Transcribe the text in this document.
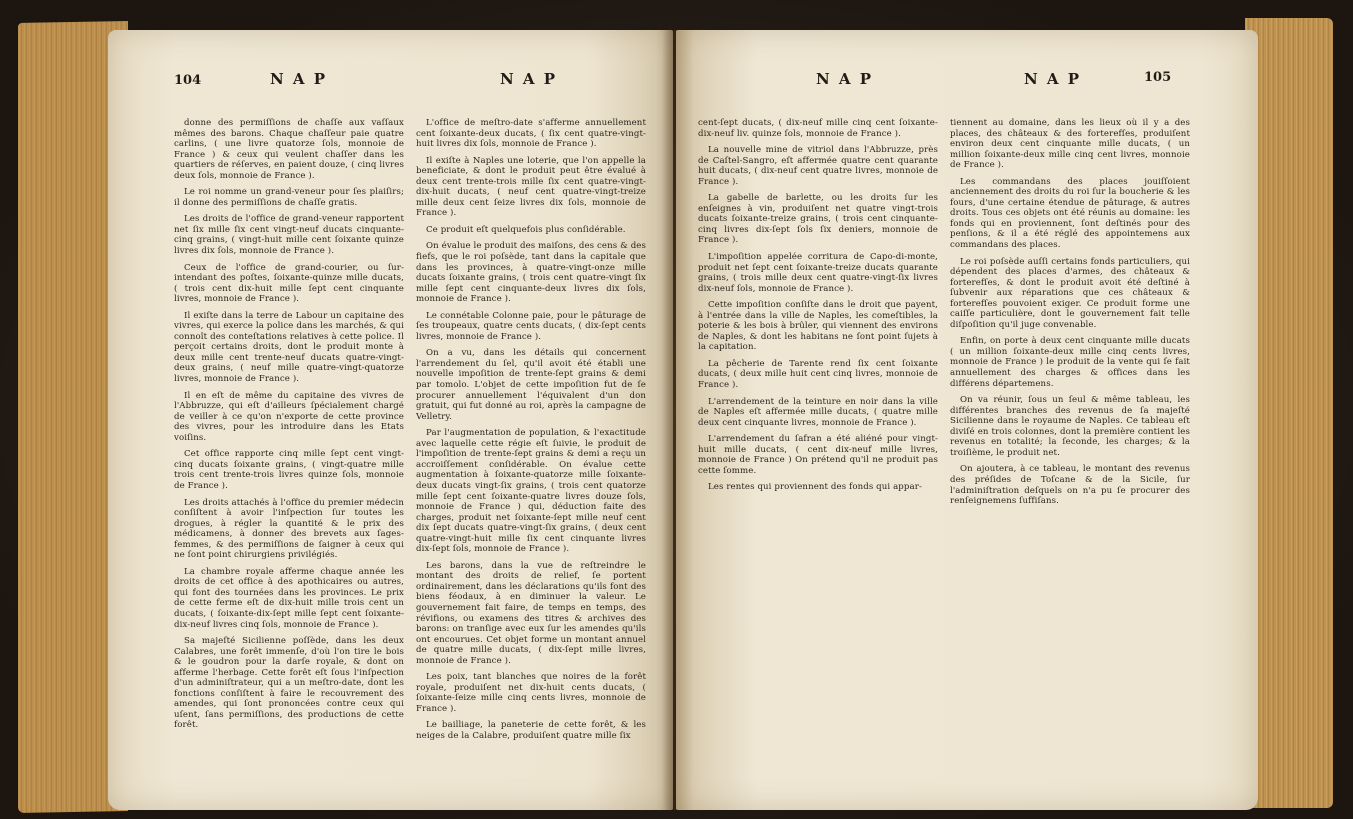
104	N A P	N A P

donne des permiſſions de chaſſe aux vaſſaux mêmes des barons. Chaque chaſſeur paie quatre carlins, ( une livre quatorze ſols, monnoie de France ) & ceux qui veulent chaſſer dans les quartiers de réſerves, en paient douze, ( cinq livres deux ſols, monnoie de France ).

Le roi nomme un grand-veneur pour ſes plaiſirs; il donne des permiſſions de chaſſe gratis.

Les droits de l'office de grand-veneur rapportent net ſix mille ſix cent vingt-neuf ducats cinquante-cinq grains, ( vingt-huit mille cent ſoixante quinze livres dix ſols, monnoie de France ).

Ceux de l'office de grand-courier, ou ſur-intendant des poſtes, ſoixante-quinze mille ducats, ( trois cent dix-huit mille ſept cent cinquante livres, monnoie de France ).

Il exiſte dans la terre de Labour un capitaine des vivres, qui exerce la police dans les marchés, & qui connoît des conteſtations relatives à cette police. Il perçoit certains droits, dont le produit monte à deux mille cent trente-neuf ducats quatre-vingt-deux grains, ( neuf mille quatre-vingt-quatorze livres, monnoie de France ).

Il en eſt de même du capitaine des vivres de l'Abbruzze, qui eſt d'ailleurs ſpécialement chargé de veiller à ce qu'on n'exporte de cette province des vivres, pour les introduire dans les Etats voiſins.

Cet office rapporte cinq mille ſept cent vingt-cinq ducats ſoixante grains, ( vingt-quatre mille trois cent trente-trois livres quinze ſols, monnoie de France ).

Les droits attachés à l'office du premier médecin conſiſtent à avoir l'inſpection ſur toutes les drogues, à régler la quantité & le prix des médicamens, à donner des brevets aux ſages-femmes, & des permiſſions de ſaigner à ceux qui ne ſont point chirurgiens privilégiés.

La chambre royale afferme chaque année les droits de cet office à des apothicaires ou autres, qui font des tournées dans les provinces. Le prix de cette ferme eſt de dix-huit mille trois cent un ducats, ( ſoixante-dix-ſept mille ſept cent ſoixante-dix-neuf livres cinq ſols, monnoie de France ).

Sa majeſté Sicilienne poſſède, dans les deux Calabres, une forêt immenſe, d'où l'on tire le bois & le goudron pour la darſe royale, & dont on afferme l'herbage. Cette forêt eſt ſous l'inſpection d'un adminiſtrateur, qui a un meſtro-date, dont les fonctions conſiſtent à faire le recouvrement des amendes, qui ſont prononcées contre ceux qui uſent, ſans permiſſions, des productions de cette forêt.

L'office de meſtro-date s'afferme annuellement cent ſoixante-deux ducats, ( ſix cent quatre-vingt-huit livres dix ſols, monnoie de France ).

Il exiſte à Naples une loterie, que l'on appelle la beneficiate, & dont le produit peut être évalué à deux cent trente-trois mille ſix cent quatre-vingt-dix-huit ducats, ( neuf cent quatre-vingt-treize mille deux cent ſeize livres dix ſols, monnoie de France ).

Ce produit eſt quelquefois plus conſidérable.

On évalue le produit des maiſons, des cens & des fiefs, que le roi poſsède, tant dans la capitale que dans les provinces, à quatre-vingt-onze mille ducats ſoixante grains, ( trois cent quatre-vingt ſix mille ſept cent cinquante-deux livres dix ſols, monnoie de France ).

Le connétable Colonne paie, pour le pâturage de ſes troupeaux, quatre cents ducats, ( dix-ſept cents livres, monnoie de France ).

On a vu, dans les détails qui concernent l'arrendement du ſel, qu'il avoit été établi une nouvelle impoſition de trente-ſept grains & demi par tomolo. L'objet de cette impoſition fut de ſe procurer annuellement l'équivalent d'un don gratuit, qui fut donné au roi, après la campagne de Velletry.

Par l'augmentation de population, & l'exactitude avec laquelle cette régie eſt ſuivie, le produit de l'impoſition de trente-ſept grains & demi a reçu un accroiſſement conſidérable. On évalue cette augmentation à ſoixante-quatorze mille ſoixante-deux ducats vingt-ſix grains, ( trois cent quatorze mille ſept cent ſoixante-quatre livres douze ſols, monnoie de France ) qui, déduction faite des charges, produit net ſoixante-ſept mille neuf cent dix ſept ducats quatre-vingt-ſix grains, ( deux cent quatre-vingt-huit mille ſix cent cinquante livres dix-ſept ſols, monnoie de France ).

Les barons, dans la vue de reſtreindre le montant des droits de relief, ſe portent ordinairement, dans les déclarations qu'ils font des biens féodaux, à en diminuer la valeur. Le gouvernement fait faire, de temps en temps, des révifions, ou examens des titres & archives des barons: on tranſige avec eux ſur les amendes qu'ils ont encourues. Cet objet forme un montant annuel de quatre mille ducats, ( dix-ſept mille livres, monnoie de France ).

Les poix, tant blanches que noires de la forêt royale, produiſent net dix-huit cents ducats, ( ſoixante-ſeize mille cinq cents livres, monnoie de France ).

Le bailliage, la paneterie de cette forêt, & les neiges de la Calabre, produiſent quatre mille ſix

N A P	N A P	105

cent-ſept ducats, ( dix-neuf mille cinq cent ſoixante-dix-neuf liv. quinze ſols, monnoie de France ).

La nouvelle mine de vitriol dans l'Abbruzze, près de Caſtel-Sangro, eſt affermée quatre cent quarante huit ducats, ( dix-neuf cent quatre livres, monnoie de France ).

La gabelle de barlette, ou les droits ſur les enſeignes à vin, produiſent net quatre vingt-trois ducats ſoixante-treize grains, ( trois cent cinquante-cinq livres dix-ſept ſols ſix deniers, monnoie de France ).

L'impoſition appelée corritura de Capo-di-monte, produit net ſept cent ſoixante-treize ducats quarante grains, ( trois mille deux cent quatre-vingt-ſix livres dix-neuf ſols, monnoie de France ).

Cette impoſition conſiſte dans le droit que payent, à l'entrée dans la ville de Naples, les comeſtibles, la poterie & les bois à brûler, qui viennent des environs de Naples, & dont les habitans ne ſont point ſujets à la capitation.

La pêcherie de Tarente rend ſix cent ſoixante ducats, ( deux mille huit cent cinq livres, monnoie de France ).

L'arrendement de la teinture en noir dans la ville de Naples eſt affermée mille ducats, ( quatre mille deux cent cinquante livres, monnoie de France ).

L'arrendement du ſafran a été aliéné pour vingt-huit mille ducats, ( cent dix-neuf mille livres, monnoie de France ) On prétend qu'il ne produit pas cette ſomme.

Les rentes qui proviennent des fonds qui appar-

tiennent au domaine, dans les lieux où il y a des places, des châteaux & des forterefſes, produiſent environ deux cent cinquante mille ducats, ( un million ſoixante-deux mille cinq cent livres, monnoie de France ).

Les commandans des places jouiſſoient anciennement des droits du roi ſur la boucherie & les fours, d'une certaine étendue de pâturage, & autres droits. Tous ces objets ont été réunis au domaine: les fonds qui en proviennent, ſont deſtinés pour des penſions, & il a été réglé des appointemens aux commandans des places.

Le roi poſsède auſſi certains fonds particuliers, qui dépendent des places d'armes, des châteaux & forterefſes, & dont le produit avoit été deſtiné à ſubvenir aux réparations que ces châteaux & forterefſes pouvoient exiger. Ce produit forme une caiſſe particulière, dont le gouvernement fait telle diſpoſition qu'il juge convenable.

Enfin, on porte à deux cent cinquante mille ducats ( un million ſoixante-deux mille cinq cents livres, monnoie de France ) le produit de la vente qui ſe fait annuellement des charges & offices dans les différens départemens.

On va réunir, ſous un ſeul & même tableau, les différentes branches des revenus de ſa majeſté Sicilienne dans le royaume de Naples. Ce tableau eſt diviſé en trois colonnes, dont la première contient les revenus en totalité; la ſeconde, les charges; & la troiſième, le produit net.

On ajoutera, à ce tableau, le montant des revenus des préſides de Toſcane & de la Sicile, ſur l'adminiſtration deſquels on n'a pu ſe procurer des renſeignemens ſuffiſans.
